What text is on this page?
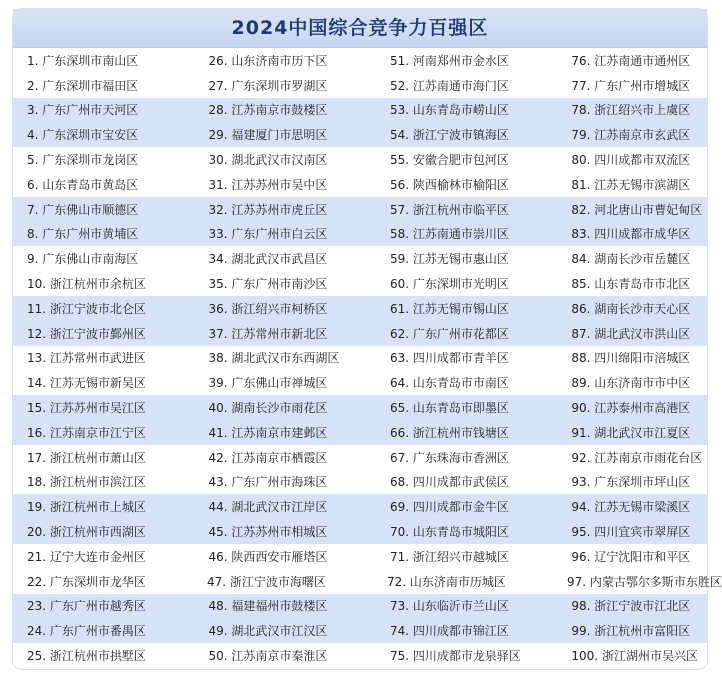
2024中国综合竞争力百强区
1. 广东深圳市南山区	26. 山东济南市历下区	51. 河南郑州市金水区	76. 江苏南通市通州区
2. 广东深圳市福田区	27. 广东深圳市罗湖区	52. 江苏南通市海门区	77. 广东广州市增城区
3. 广东广州市天河区	28. 江苏南京市鼓楼区	53. 山东青岛市崂山区	78. 浙江绍兴市上虞区
4. 广东深圳市宝安区	29. 福建厦门市思明区	54. 浙江宁波市镇海区	79. 江苏南京市玄武区
5. 广东深圳市龙岗区	30. 湖北武汉市汉南区	55. 安徽合肥市包河区	80. 四川成都市双流区
6. 山东青岛市黄岛区	31. 江苏苏州市吴中区	56. 陕西榆林市榆阳区	81. 江苏无锡市滨湖区
7. 广东佛山市顺德区	32. 江苏苏州市虎丘区	57. 浙江杭州市临平区	82. 河北唐山市曹妃甸区
8. 广东广州市黄埔区	33. 广东广州市白云区	58. 江苏南通市崇川区	83. 四川成都市成华区
9. 广东佛山市南海区	34. 湖北武汉市武昌区	59. 江苏无锡市惠山区	84. 湖南长沙市岳麓区
10. 浙江杭州市余杭区	35. 广东广州市南沙区	60. 广东深圳市光明区	85. 山东青岛市市北区
11. 浙江宁波市北仑区	36. 浙江绍兴市柯桥区	61. 江苏无锡市锡山区	86. 湖南长沙市天心区
12. 浙江宁波市鄞州区	37. 江苏常州市新北区	62. 广东广州市花都区	87. 湖北武汉市洪山区
13. 江苏常州市武进区	38. 湖北武汉市东西湖区	63. 四川成都市青羊区	88. 四川绵阳市涪城区
14. 江苏无锡市新吴区	39. 广东佛山市禅城区	64. 山东青岛市市南区	89. 山东济南市市中区
15. 江苏苏州市吴江区	40. 湖南长沙市雨花区	65. 山东青岛市即墨区	90. 江苏泰州市高港区
16. 江苏南京市江宁区	41. 江苏南京市建邺区	66. 浙江杭州市钱塘区	91. 湖北武汉市江夏区
17. 浙江杭州市萧山区	42. 江苏南京市栖霞区	67. 广东珠海市香洲区	92. 江苏南京市雨花台区
18. 浙江杭州市滨江区	43. 广东广州市海珠区	68. 四川成都市武侯区	93. 广东深圳市坪山区
19. 浙江杭州市上城区	44. 湖北武汉市江岸区	69. 四川成都市金牛区	94. 江苏无锡市梁溪区
20. 浙江杭州市西湖区	45. 江苏苏州市相城区	70. 山东青岛市城阳区	95. 四川宜宾市翠屏区
21. 辽宁大连市金州区	46. 陕西西安市雁塔区	71. 浙江绍兴市越城区	96. 辽宁沈阳市和平区
22. 广东深圳市龙华区	47. 浙江宁波市海曙区	72. 山东济南市历城区	97. 内蒙古鄂尔多斯市东胜区
23. 广东广州市越秀区	48. 福建福州市鼓楼区	73. 山东临沂市兰山区	98. 浙江宁波市江北区
24. 广东广州市番禺区	49. 湖北武汉市江汉区	74. 四川成都市锦江区	99. 浙江杭州市富阳区
25. 浙江杭州市拱墅区	50. 江苏南京市秦淮区	75. 四川成都市龙泉驿区	100. 浙江湖州市吴兴区
